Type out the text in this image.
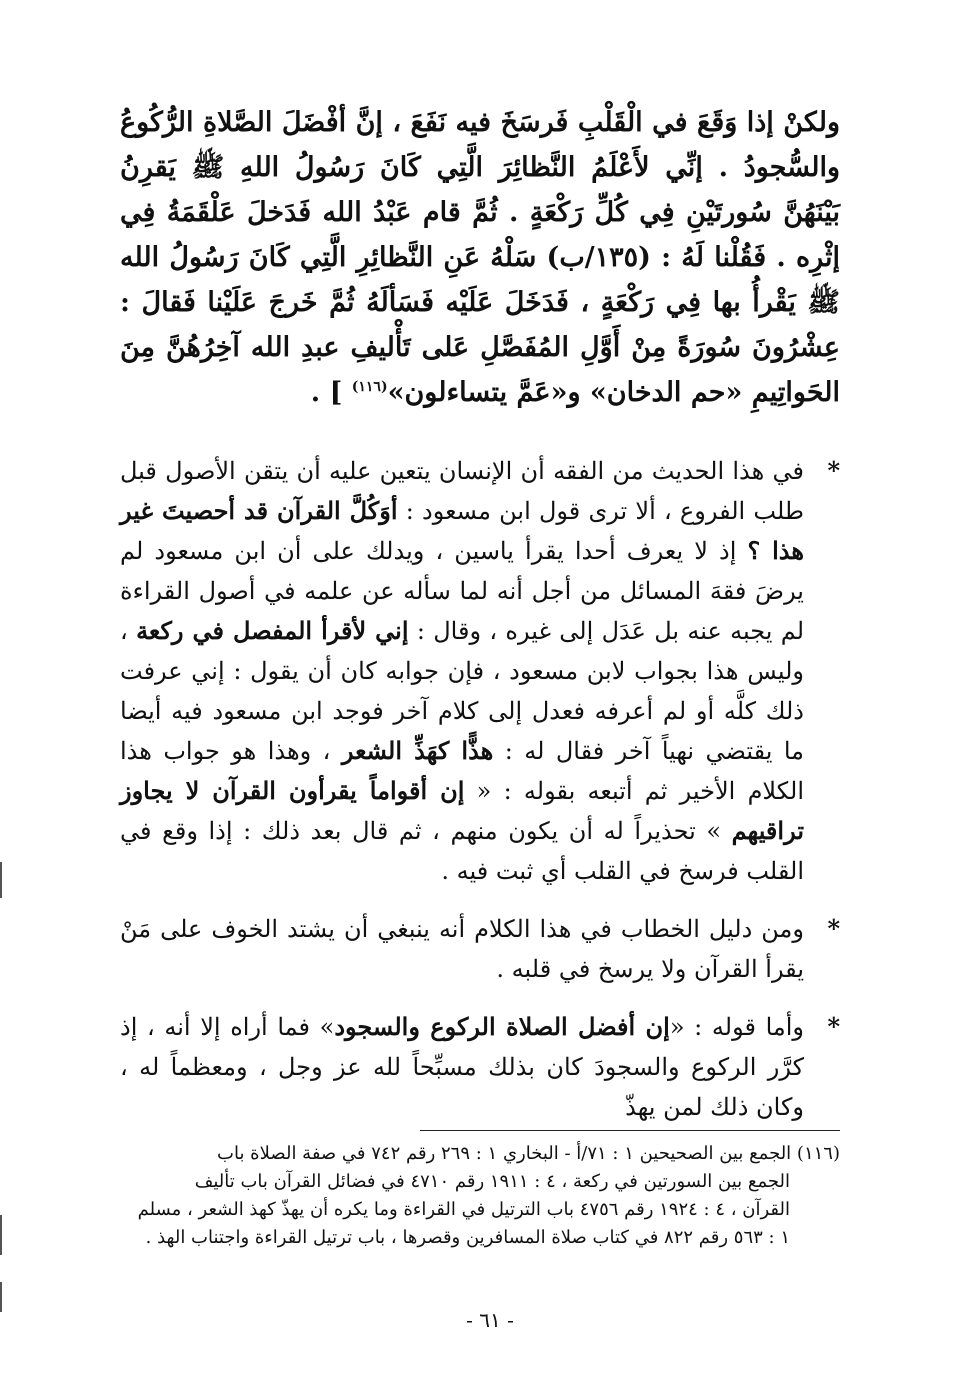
ولكنْ إذا وَقَعَ في الْقَلْبِ فَرسَخَ فيه نَفَعَ ، إنَّ أفْضَلَ الصَّلاةِ الرُّكُوعُ والسُّجودُ . إنِّي لأَعْلَمُ النَّظائِرَ الَّتِي كَانَ رَسُولُ اللهِ ﷺ يَقرِنُ بَيْنَهُنَّ سُورتَيْنِ فِي كُلِّ رَكْعَةٍ . ثُمَّ قام عَبْدُ الله فَدَخلَ عَلْقَمَةُ فِي إثْرِه . فَقُلْنا لَهُ : (١٣٥/ب) سَلْهُ عَنِ النَّظائِرِ الَّتِي كَانَ رَسُولُ الله ﷺ يَقْرأُ بها فِي رَكْعَةٍ ، فَدَخَلَ عَلَيْه فَسَألَهُ ثُمَّ خَرجَ عَلَيْنا فَقالَ : عِشْرُونَ سُورَةً مِنْ أَوَّلِ المُفَصَّلِ عَلى تَأْليفِ عبدِ الله آخِرُهُنَّ مِنَ الحَواتِيمِ «حم الدخان» و«عَمَّ يتساءلون»$^{(١١٦)}$ ] .

*
في هذا الحديث من الفقه أن الإنسان يتعين عليه أن يتقن الأصول قبل طلب الفروع ، ألا ترى قول ابن مسعود : أوَكُلَّ القرآن قد أحصيتَ غير هذا ؟ إذ لا يعرف أحدا يقرأ ياسين ، ويدلك على أن ابن مسعود لم يرضَ فقهَ المسائل من أجل أنه لما سأله عن علمه في أصول القراءة لم يجبه عنه بل عَدَل إلى غيره ، وقال : إني لأقرأ المفصل في ركعة ، وليس هذا بجواب لابن مسعود ، فإن جوابه كان أن يقول : إني عرفت ذلك كلَّه أو لم أعرفه فعدل إلى كلام آخر فوجد ابن مسعود فيه أيضا ما يقتضي نهياً آخر فقال له : هذًّا كهَذِّ الشعر ، وهذا هو جواب هذا الكلام الأخير ثم أتبعه بقوله : « إن أقواماً يقرأون القرآن لا يجاوز تراقيهم » تحذيراً له أن يكون منهم ، ثم قال بعد ذلك : إذا وقع في القلب فرسخ في القلب أي ثبت فيه .

*
ومن دليل الخطاب في هذا الكلام أنه ينبغي أن يشتد الخوف على مَنْ يقرأ القرآن ولا يرسخ في قلبه .

*
وأما قوله : «إن أفضل الصلاة الركوع والسجود» فما أراه إلا أنه ، إذ كرَّر الركوع والسجودَ كان بذلك مسبِّحاً لله عز وجل ، ومعظماً له ، وكان ذلك لمن يهذّ

(١١٦) الجمع بين الصحيحين ١ : ٧١/أ - البخاري ١ : ٢٦٩ رقم ٧٤٢ في صفة الصلاة باب
الجمع بين السورتين في ركعة ، ٤ : ١٩١١ رقم ٤٧١٠ في فضائل القرآن باب تأليف
القرآن ، ٤ : ١٩٢٤ رقم ٤٧٥٦ باب الترتيل في القراءة وما يكره أن يهذّ كهذ الشعر ، مسلم
١ : ٥٦٣ رقم ٨٢٢ في كتاب صلاة المسافرين وقصرها ، باب ترتيل القراءة واجتناب الهذ .
- ٦١ -
